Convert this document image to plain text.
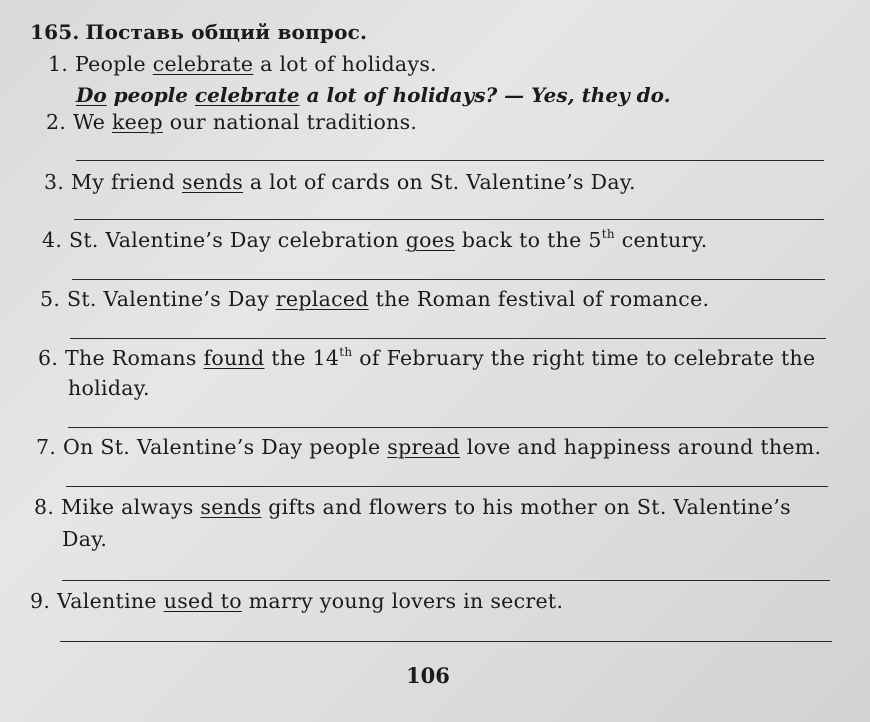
165. Поставь общий вопрос.
1. People celebrate a lot of holidays.
Do people celebrate a lot of holidays? — Yes, they do.
2. We keep our national traditions.
3. My friend sends a lot of cards on St. Valentine’s Day.
4. St. Valentine’s Day celebration goes back to the 5th century.
5. St. Valentine’s Day replaced the Roman festival of romance.
6. The Romans found the 14th of February the right time to celebrate the
holiday.
7. On St. Valentine’s Day people spread love and happiness around them.
8. Mike always sends gifts and flowers to his mother on St. Valentine’s
Day.
9. Valentine used to marry young lovers in secret.
106
